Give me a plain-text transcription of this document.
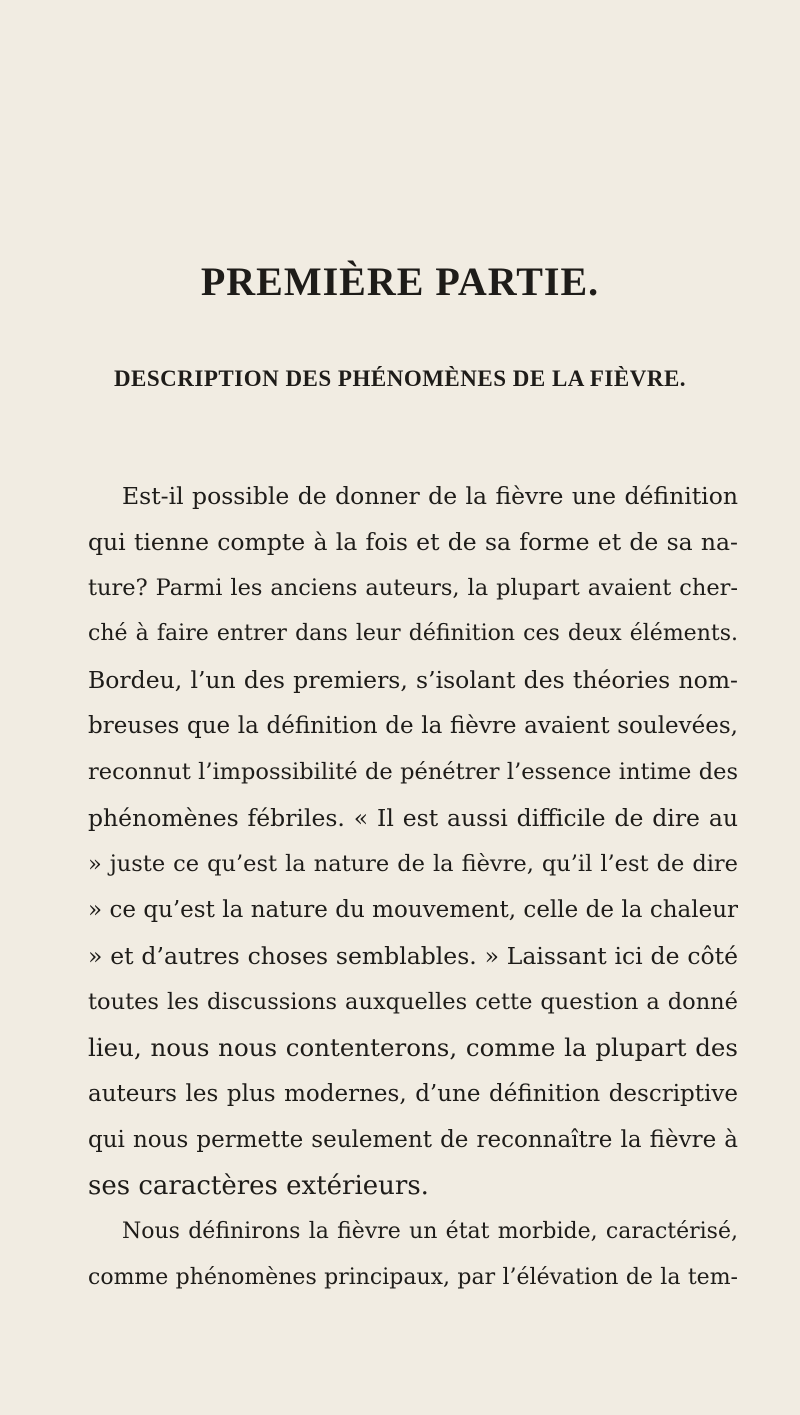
PREMIÈRE PARTIE.
DESCRIPTION DES PHÉNOMÈNES DE LA FIÈVRE.

Est-il possible de donner de la fièvre une définition

qui tienne compte à la fois et de sa forme et de sa na-

ture? Parmi les anciens auteurs, la plupart avaient cher-

ché à faire entrer dans leur définition ces deux éléments.

Bordeu, l’un des premiers, s’isolant des théories nom-

breuses que la définition de la fièvre avaient soulevées,

reconnut l’impossibilité de pénétrer l’essence intime des

phénomènes fébriles. « Il est aussi difficile de dire au

» juste ce qu’est la nature de la fièvre, qu’il l’est de dire

» ce qu’est la nature du mouvement, celle de la chaleur

» et d’autres choses semblables. » Laissant ici de côté

toutes les discussions auxquelles cette question a donné

lieu, nous nous contenterons, comme la plupart des

auteurs les plus modernes, d’une définition descriptive

qui nous permette seulement de reconnaître la fièvre à

ses caractères extérieurs.

Nous définirons la fièvre un état morbide, caractérisé,

comme phénomènes principaux, par l’élévation de la tem-
